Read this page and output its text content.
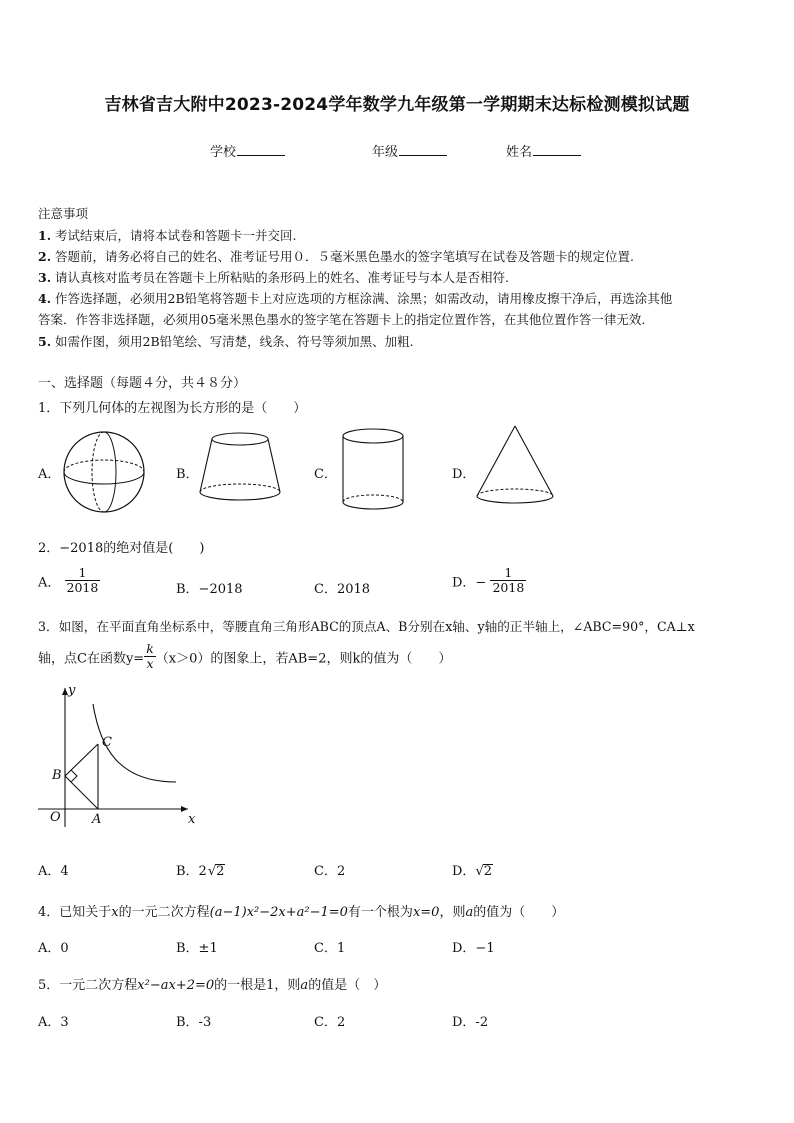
吉林省吉大附中2023-2024学年数学九年级第一学期期末达标检测模拟试题
学校	年级	姓名
注意事项
1. 考试结束后，请将本试卷和答题卡一并交回.
2. 答题前，请务必将自己的姓名、准考证号用０．５毫米黑色墨水的签字笔填写在试卷及答题卡的规定位置.
3. 请认真核对监考员在答题卡上所粘贴的条形码上的姓名、准考证号与本人是否相符.
4. 作答选择题，必须用2B铅笔将答题卡上对应选项的方框涂满、涂黑；如需改动，请用橡皮擦干净后，再选涂其他
答案．作答非选择题，必须用05毫米黑色墨水的签字笔在答题卡上的指定位置作答，在其他位置作答一律无效.
5. 如需作图，须用2B铅笔绘、写清楚，线条、符号等须加黑、加粗.
一、选择题（每题４分，共４８分）
1．下列几何体的左视图为长方形的是（　　）
A．	B．	C．	D．
2．−2018的绝对值是(　　)
A． $\frac{1}{2018}$	B．−2018	C．2018	D．− $\frac{1}{2018}$
3．如图，在平面直角坐标系中，等腰直角三角形ABC的顶点A、B分别在x轴、y轴的正半轴上，∠ABC=90°，CA⊥x
轴，点C在函数$y= \frac{k}{x} (x>0)$的图象上，若AB=2，则k的值为（　　）
y
x
O A
B
C
A．4	B．2√2	C．2	D．√2
4．已知关于x的一元二次方程(a−1)x²−2x+a²−1=0有一个根为x=0，则a的值为（　　）
A．0	B．±1	C．1	D．−1
5．一元二次方程x²−ax+2=0的一根是1，则a的值是（　）
A．3	B．-3	C．2	D．-2
